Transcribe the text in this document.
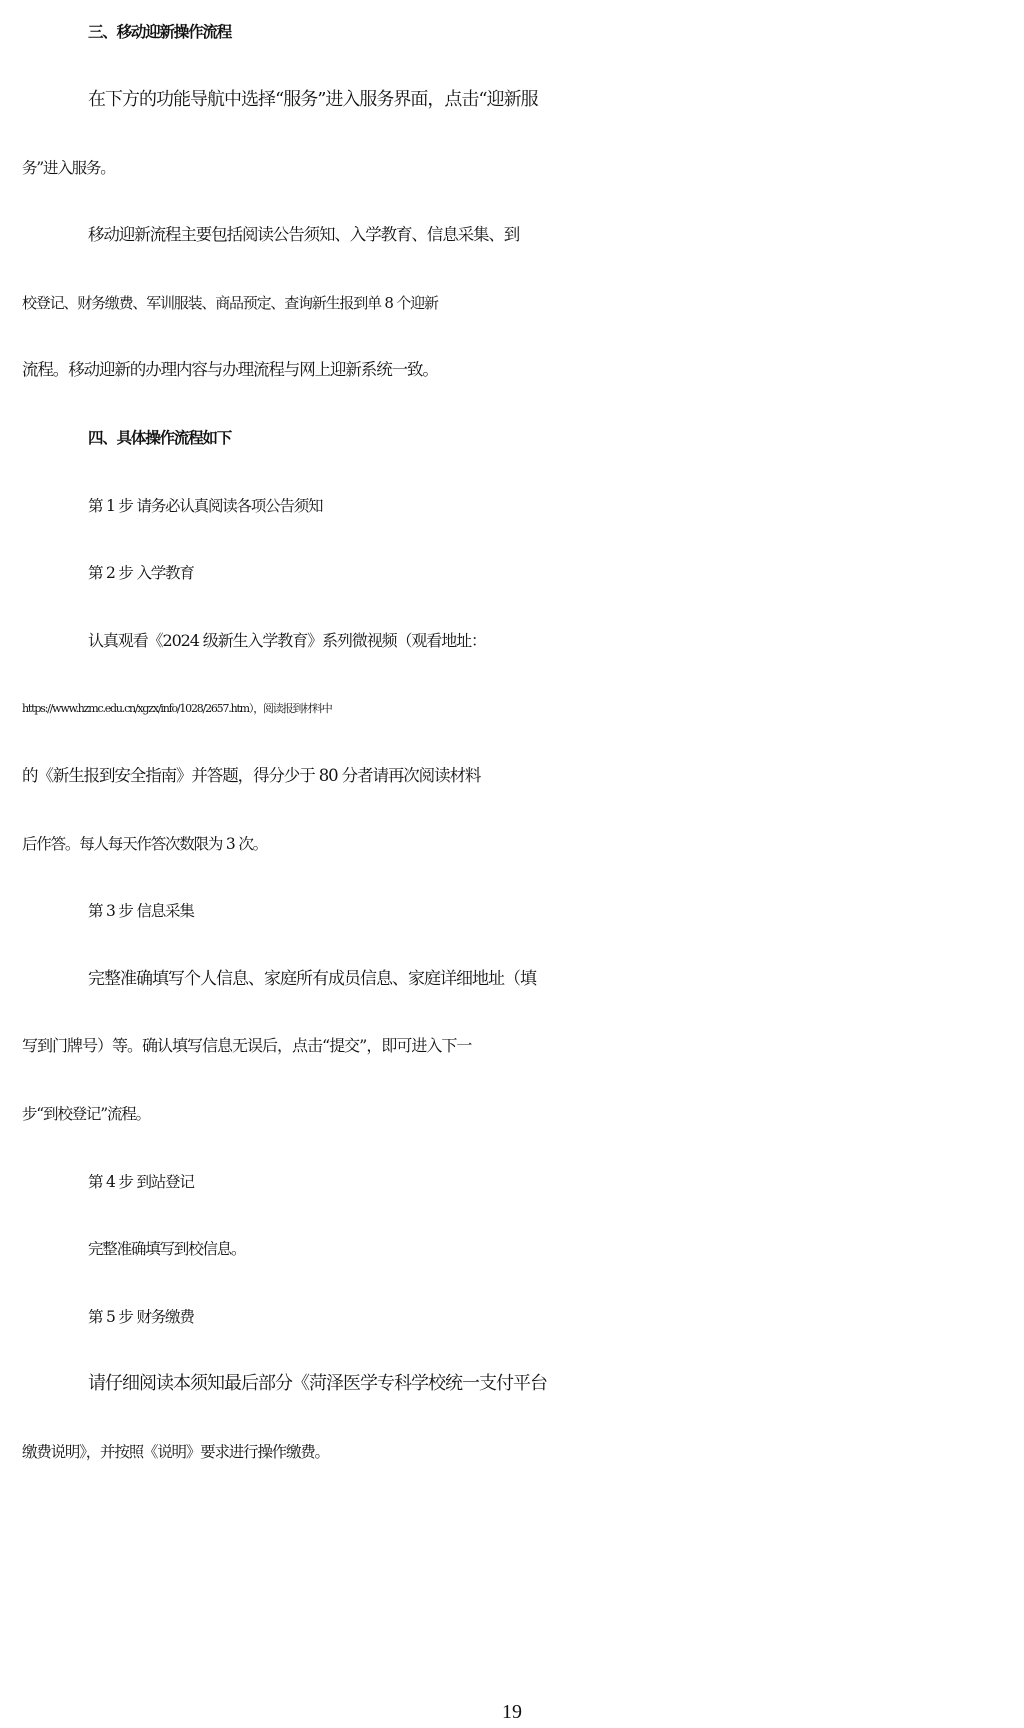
三、移动迎新操作流程
在下方的功能导航中选择“服务”进入服务界面，点击“迎新服
务”进入服务。
移动迎新流程主要包括阅读公告须知、入学教育、信息采集、到
校登记、财务缴费、军训服装、商品预定、查询新生报到单 8 个迎新
流程。移动迎新的办理内容与办理流程与网上迎新系统一致。
四、具体操作流程如下
第 1 步 请务必认真阅读各项公告须知
第 2 步 入学教育
认真观看《2024 级新生入学教育》系列微视频（观看地址：
https://www.hzmc.edu.cn/xgzx/info/1028/2657.htm），阅读报到材料中
的《新生报到安全指南》并答题，得分少于 80 分者请再次阅读材料
后作答。每人每天作答次数限为 3 次。
第 3 步 信息采集
完整准确填写个人信息、家庭所有成员信息、家庭详细地址（填
写到门牌号）等。确认填写信息无误后，点击“提交”，即可进入下一
步“到校登记”流程。
第 4 步 到站登记
完整准确填写到校信息。
第 5 步 财务缴费
请仔细阅读本须知最后部分《菏泽医学专科学校统一支付平台
缴费说明》，并按照《说明》要求进行操作缴费。
19
